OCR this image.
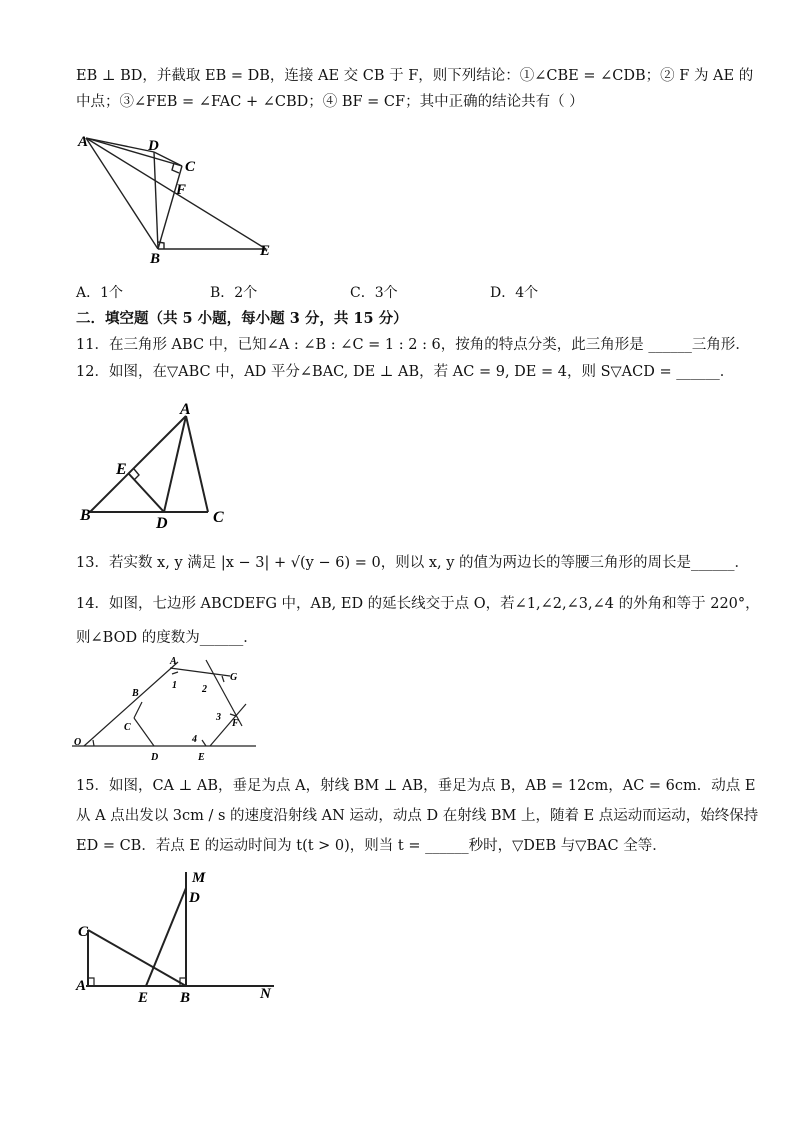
EB ⊥ BD，并截取 EB = DB，连接 AE 交 CB 于 F，则下列结论：①∠CBE = ∠CDB；② F 为 AE 的
中点；③∠FEB = ∠FAC + ∠CBD；④ BF = CF；其中正确的结论共有（ ）
A	D
C
F
B	E
A．1个	B．2个	C．3个	D．4个
二．填空题（共 5 小题，每小题 3 分，共 15 分）
11．在三角形 ABC 中，已知∠A : ∠B : ∠C = 1 : 2 : 6，按角的特点分类，此三角形是 ______三角形．
12．如图，在▽ABC 中，AD 平分∠BAC, DE ⊥ AB，若 AC = 9, DE = 4，则 S▽ACD = ______．
A
E
B	D	C
13．若实数 x, y 满足 |x − 3| + √(y − 6) = 0，则以 x, y 的值为两边长的等腰三角形的周长是______．
14．如图，七边形 ABCDEFG 中，AB, ED 的延长线交于点 O，若∠1,∠2,∠3,∠4 的外角和等于 220°，
则∠BOD 的度数为______．
O
A
B
C
D	E
F
G
1	2
3
4
15．如图，CA ⊥ AB，垂足为点 A，射线 BM ⊥ AB，垂足为点 B，AB = 12cm，AC = 6cm．动点 E
从 A 点出发以 3cm / s 的速度沿射线 AN 运动，动点 D 在射线 BM 上，随着 E 点运动而运动，始终保持
ED = CB．若点 E 的运动时间为 t(t > 0)，则当 t = ______秒时，▽DEB 与▽BAC 全等．
C
A
E B	N
D
M
